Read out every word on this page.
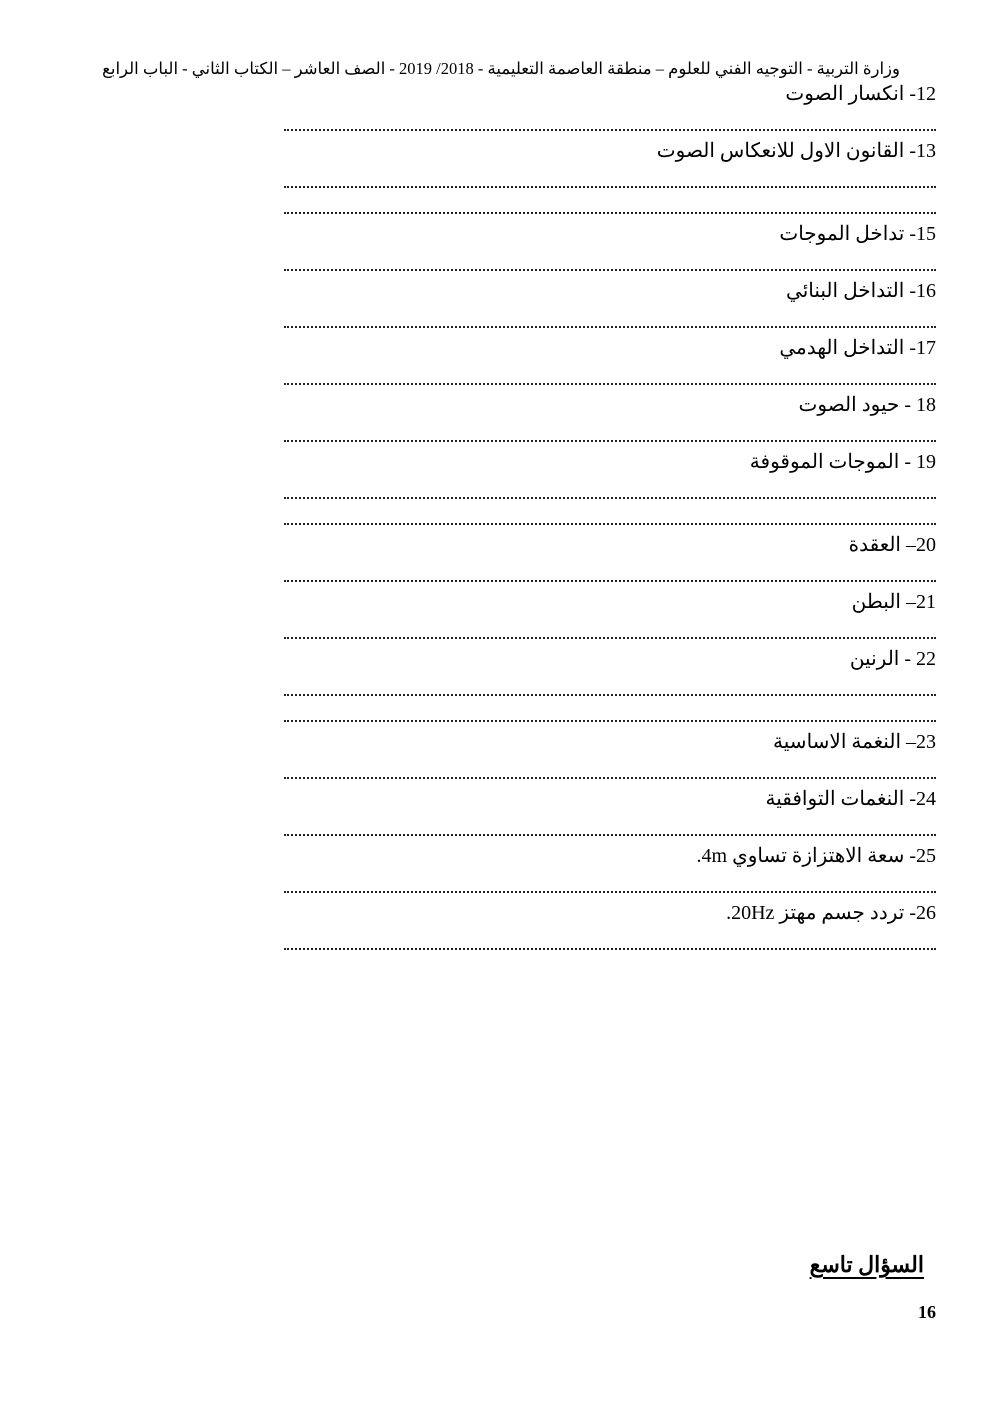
وزارة التربية - التوجيه الفني للعلوم – منطقة العاصمة التعليمية - 2018/ 2019 - الصف العاشر – الكتاب الثاني - الباب الرابع
12- انكسار الصوت
13- القانون الاول للانعكاس الصوت
15- تداخل الموجات
16- التداخل البنائي
17- التداخل الهدمي
18 - حيود الصوت
19 - الموجات الموقوفة
20– العقدة
21– البطن
22 - الرنين
23– النغمة الاساسية
24- النغمات التوافقية
25- سعة الاهتزازة تساوي 4m.
26- تردد جسم مهتز 20Hz.
السؤال تاسع
16
